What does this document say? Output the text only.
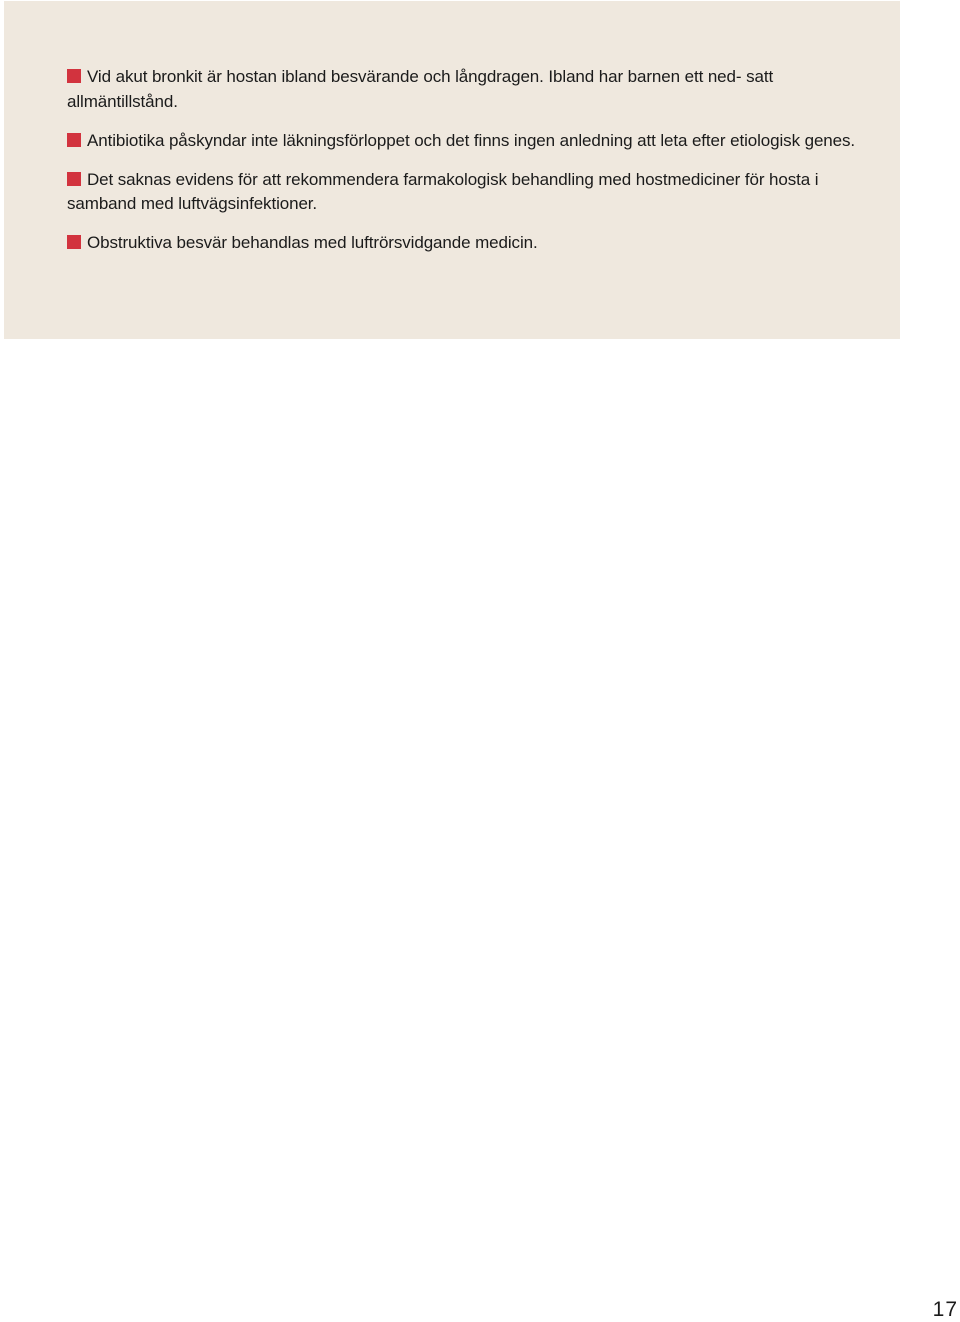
Vid akut bronkit är hostan ibland besvärande och långdragen. Ibland har barnen ett ned- satt allmäntillstånd.
Antibiotika påskyndar inte läkningsförloppet och det finns ingen anledning att leta efter etiologisk genes.
Det saknas evidens för att rekommendera farmakologisk behandling med hostmediciner för hosta i samband med luftvägsinfektioner.
Obstruktiva besvär behandlas med luftrörsvidgande medicin.
17
